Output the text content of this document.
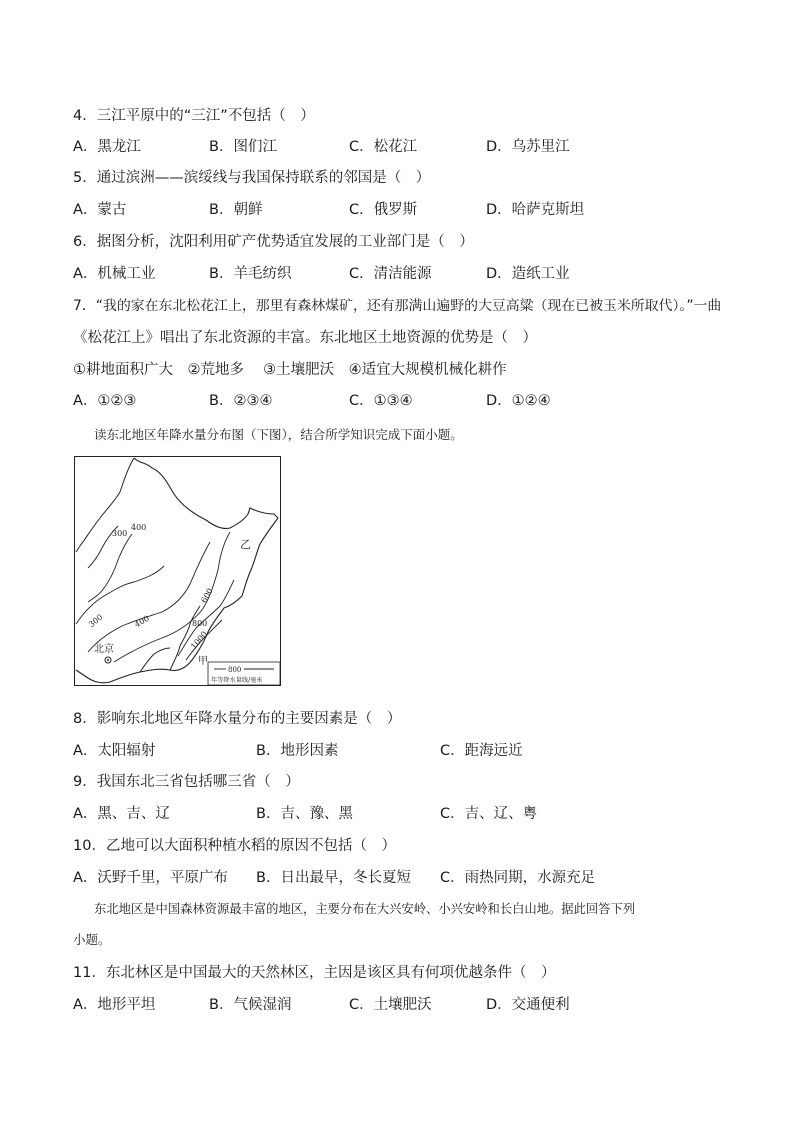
4．三江平原中的“三江”不包括（　）
A．黑龙江	B．图们江	C．松花江	D．乌苏里江
5．通过滨洲——滨绥线与我国保持联系的邻国是（　）
A．蒙古	B．朝鲜	C．俄罗斯	D．哈萨克斯坦
6．据图分析，沈阳利用矿产优势适宜发展的工业部门是（　）
A．机械工业	B．羊毛纺织	C．清洁能源	D．造纸工业
7．“我的家在东北松花江上，那里有森林煤矿，还有那满山遍野的大豆高粱（现在已被玉米所取代）。”一曲
《松花江上》唱出了东北资源的丰富。东北地区土地资源的优势是（　）
①耕地面积广大　②荒地多　 ③土壤肥沃　④适宜大规模机械化耕作
A．①②③	B．②③④	C．①③④	D．①②④
读东北地区年降水量分布图（下图），结合所学知识完成下面小题。
300
400
300	400
600
800
1000
北京
甲
乙
800
年等降水量线/毫米
8．影响东北地区年降水量分布的主要因素是（　）
A．太阳辐射	B．地形因素	C．距海远近
9．我国东北三省包括哪三省（　）
A．黑、吉、辽	B．吉、豫、黑	C．吉、辽、粤
10．乙地可以大面积种植水稻的原因不包括（　）
A．沃野千里，平原广布 B．日出最早，冬长夏短 C．雨热同期，水源充足
东北地区是中国森林资源最丰富的地区，主要分布在大兴安岭、小兴安岭和长白山地。据此回答下列
小题。
11．东北林区是中国最大的天然林区，主因是该区具有何项优越条件（　）
A．地形平坦	B．气候湿润	C．土壤肥沃	D．交通便利
